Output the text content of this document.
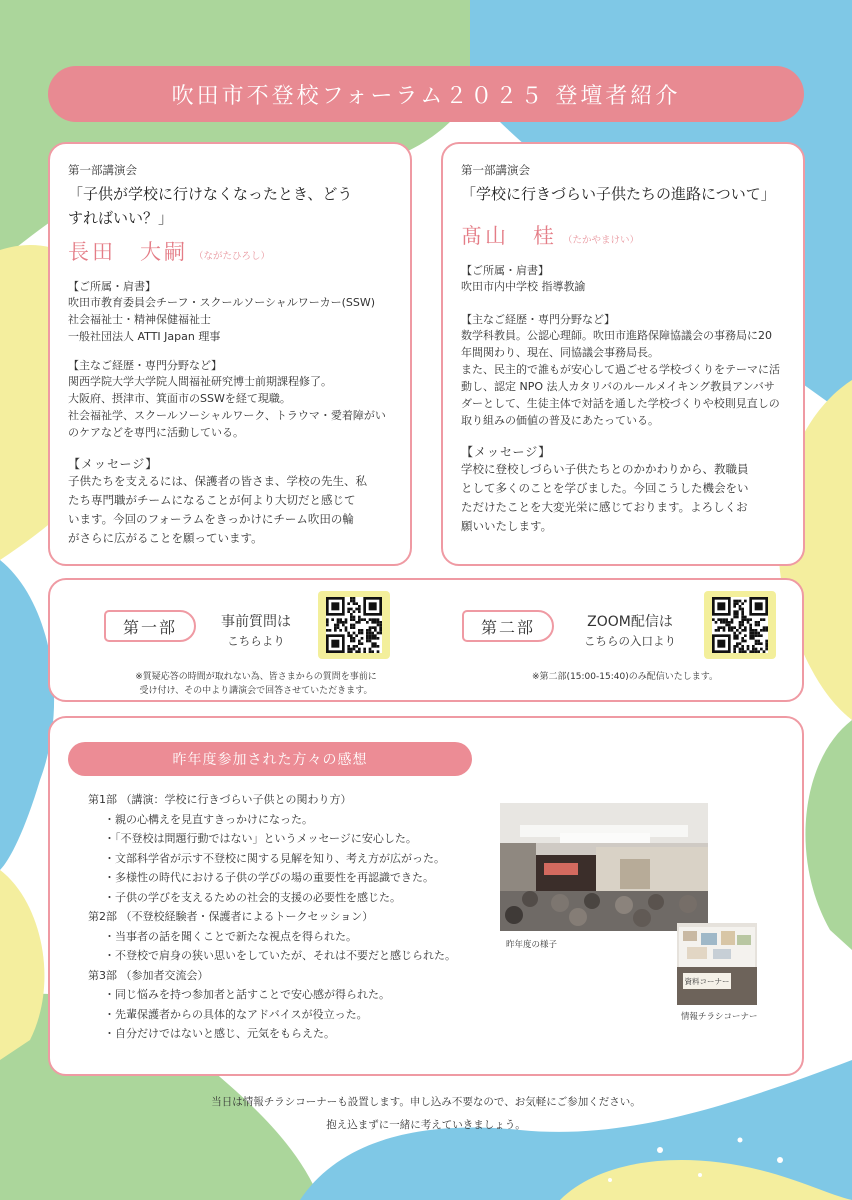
吹田市不登校フォーラム２０２５ 登壇者紹介
第一部講演会
「子供が学校に行けなくなったとき、どう
すればいい？」
長田　大嗣 （ながたひろし）
【ご所属・肩書】
吹田市教育委員会チーフ・スクールソーシャルワーカー(SSW)
社会福祉士・精神保健福祉士
一般社団法人 ATTI Japan 理事
【主なご経歴・専門分野など】
関西学院大学大学院人間福祉研究博士前期課程修了。
大阪府、摂津市、箕面市のSSWを経て現職。
社会福祉学、スクールソーシャルワーク、トラウマ・愛着障がい
のケアなどを専門に活動している。
【メッセージ】
子供たちを支えるには、保護者の皆さま、学校の先生、私
たち専門職がチームになることが何より大切だと感じて
います。今回のフォーラムをきっかけにチーム吹田の輪
がさらに広がることを願っています。
第一部講演会
「学校に行きづらい子供たちの進路について」
髙山　桂 （たかやまけい）
【ご所属・肩書】
吹田市内中学校 指導教諭
【主なご経歴・専門分野など】
数学科教員。公認心理師。吹田市進路保障協議会の事務局に20
年間関わり、現在、同協議会事務局長。
また、民主的で誰もが安心して過ごせる学校づくりをテーマに活
動し、認定 NPO 法人カタリバのルールメイキング教員アンバサ
ダーとして、生徒主体で対話を通した学校づくりや校則見直しの
取り組みの価値の普及にあたっている。
【メッセージ】
学校に登校しづらい子供たちとのかかわりから、教職員
として多くのことを学びました。今回こうした機会をい
ただけたことを大変光栄に感じております。よろしくお
願いいたします。
第一部	事前質問は
こちらより
※質疑応答の時間が取れない為、皆さまからの質問を事前に
受け付け、その中より講演会で回答させていただきます。
第二部	ZOOM配信は
こちらの入口より
※第二部(15:00-15:40)のみ配信いたします。
昨年度参加された方々の感想
第1部 （講演：学校に行きづらい子供との関わり方）
・親の心構えを見直すきっかけになった。
・「不登校は問題行動ではない」というメッセージに安心した。
・文部科学省が示す不登校に関する見解を知り、考え方が広がった。
・多様性の時代における子供の学びの場の重要性を再認識できた。
・子供の学びを支えるための社会的支援の必要性を感じた。
第2部 （不登校経験者・保護者によるトークセッション）
・当事者の話を聞くことで新たな視点を得られた。
・不登校で肩身の狭い思いをしていたが、それは不要だと感じられた。
第3部 （参加者交流会）
・同じ悩みを持つ参加者と話すことで安心感が得られた。
・先輩保護者からの具体的なアドバイスが役立った。
・自分だけではないと感じ、元気をもらえた。
昨年度の様子
資料コーナー
情報チラシコーナー
当日は情報チラシコーナーも設置します。申し込み不要なので、お気軽にご参加ください。
抱え込まずに一緒に考えていきましょう。
